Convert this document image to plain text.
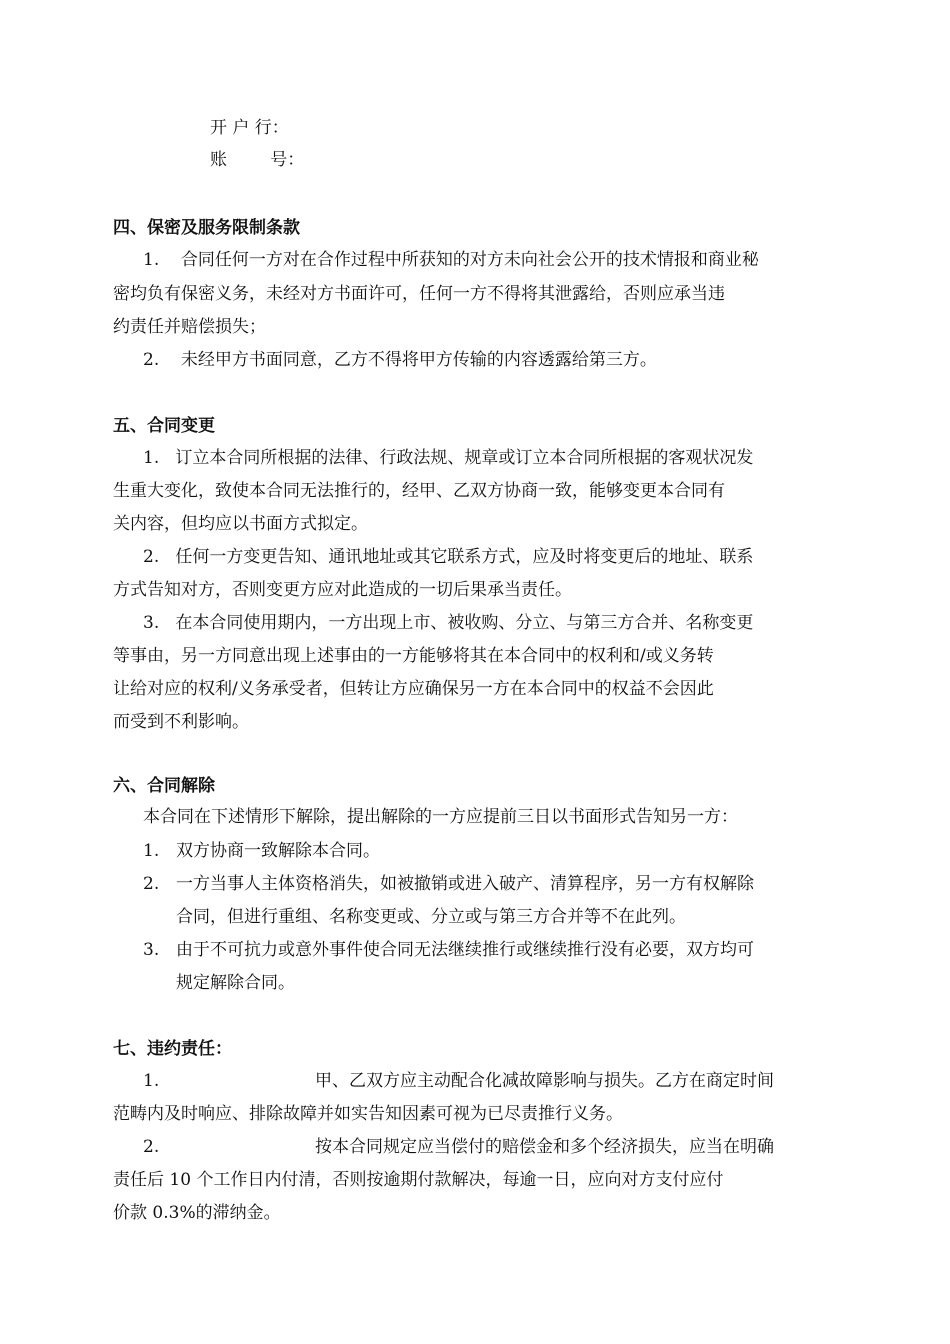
开 户 行：
账        号：
四、保密及服务限制条款
1.    合同任何一方对在合作过程中所获知的对方未向社会公开的技术情报和商业秘
密均负有保密义务，未经对方书面许可，任何一方不得将其泄露给，否则应承当违
约责任并赔偿损失；
2.    未经甲方书面同意，乙方不得将甲方传输的内容透露给第三方。
五、合同变更
1.   订立本合同所根据的法律、行政法规、规章或订立本合同所根据的客观状况发
生重大变化，致使本合同无法推行的，经甲、乙双方协商一致，能够变更本合同有
关内容，但均应以书面方式拟定。
2.   任何一方变更告知、通讯地址或其它联系方式，应及时将变更后的地址、联系
方式告知对方，否则变更方应对此造成的一切后果承当责任。
3.   在本合同使用期内，一方出现上市、被收购、分立、与第三方合并、名称变更
等事由，另一方同意出现上述事由的一方能够将其在本合同中的权利和/或义务转
让给对应的权利/义务承受者，但转让方应确保另一方在本合同中的权益不会因此
而受到不利影响。
六、合同解除
本合同在下述情形下解除，提出解除的一方应提前三日以书面形式告知另一方：
1. 双方协商一致解除本合同。
2. 一方当事人主体资格消失，如被撤销或进入破产、清算程序，另一方有权解除
合同，但进行重组、名称变更或、分立或与第三方合并等不在此列。
3. 由于不可抗力或意外事件使合同无法继续推行或继续推行没有必要，双方均可
规定解除合同。
七、违约责任：
1.	甲、乙双方应主动配合化减故障影响与损失。乙方在商定时间
范畴内及时响应、排除故障并如实告知因素可视为已尽责推行义务。
2.	按本合同规定应当偿付的赔偿金和多个经济损失，应当在明确
责任后 10 个工作日内付清，否则按逾期付款解决，每逾一日，应向对方支付应付
价款 0.3%的滞纳金。
